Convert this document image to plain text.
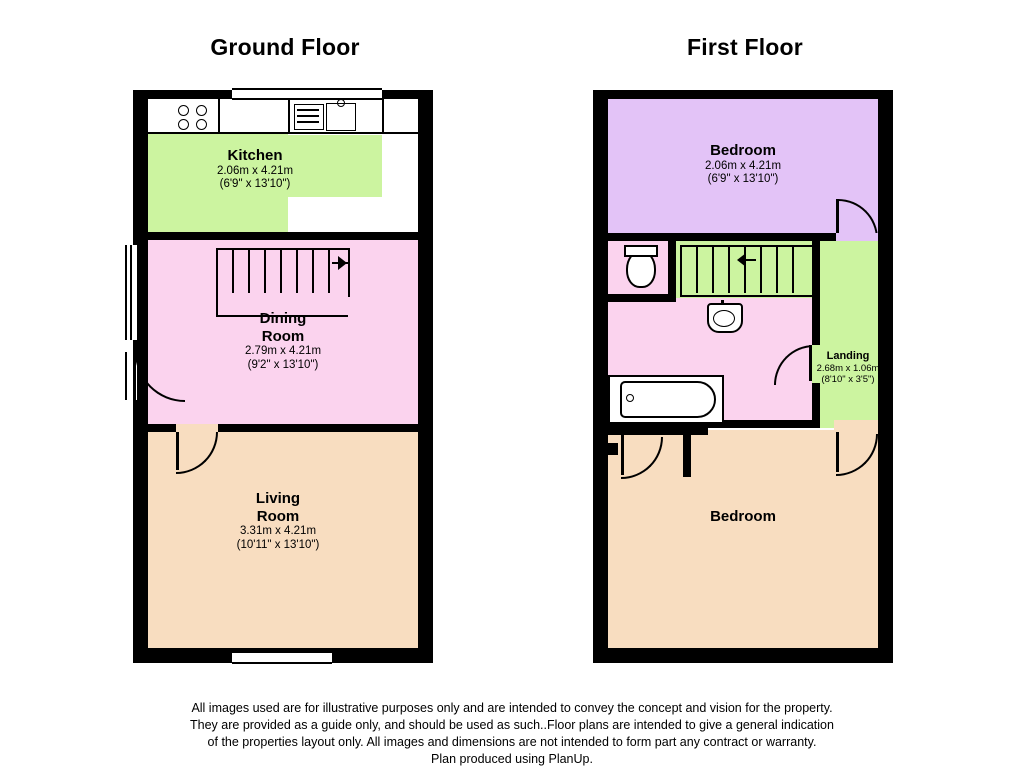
Ground Floor	First Floor
Kitchen
2.06m x 4.21m
(6'9" x 13'10")
Dining
Room
2.79m x 4.21m
(9'2" x 13'10")
Living
Room
3.31m x 4.21m
(10'11" x 13'10")
Bedroom
2.06m x 4.21m
(6'9" x 13'10")
Landing
2.68m x 1.06m
(8'10" x 3'5")
Bedroom
All images used are for illustrative purposes only and are intended to convey the concept and vision for the property.
They are provided as a guide only, and should be used as such..Floor plans are intended to give a general indication
of the properties layout only. All images and dimensions are not intended to form part any contract or warranty.
Plan produced using PlanUp.
